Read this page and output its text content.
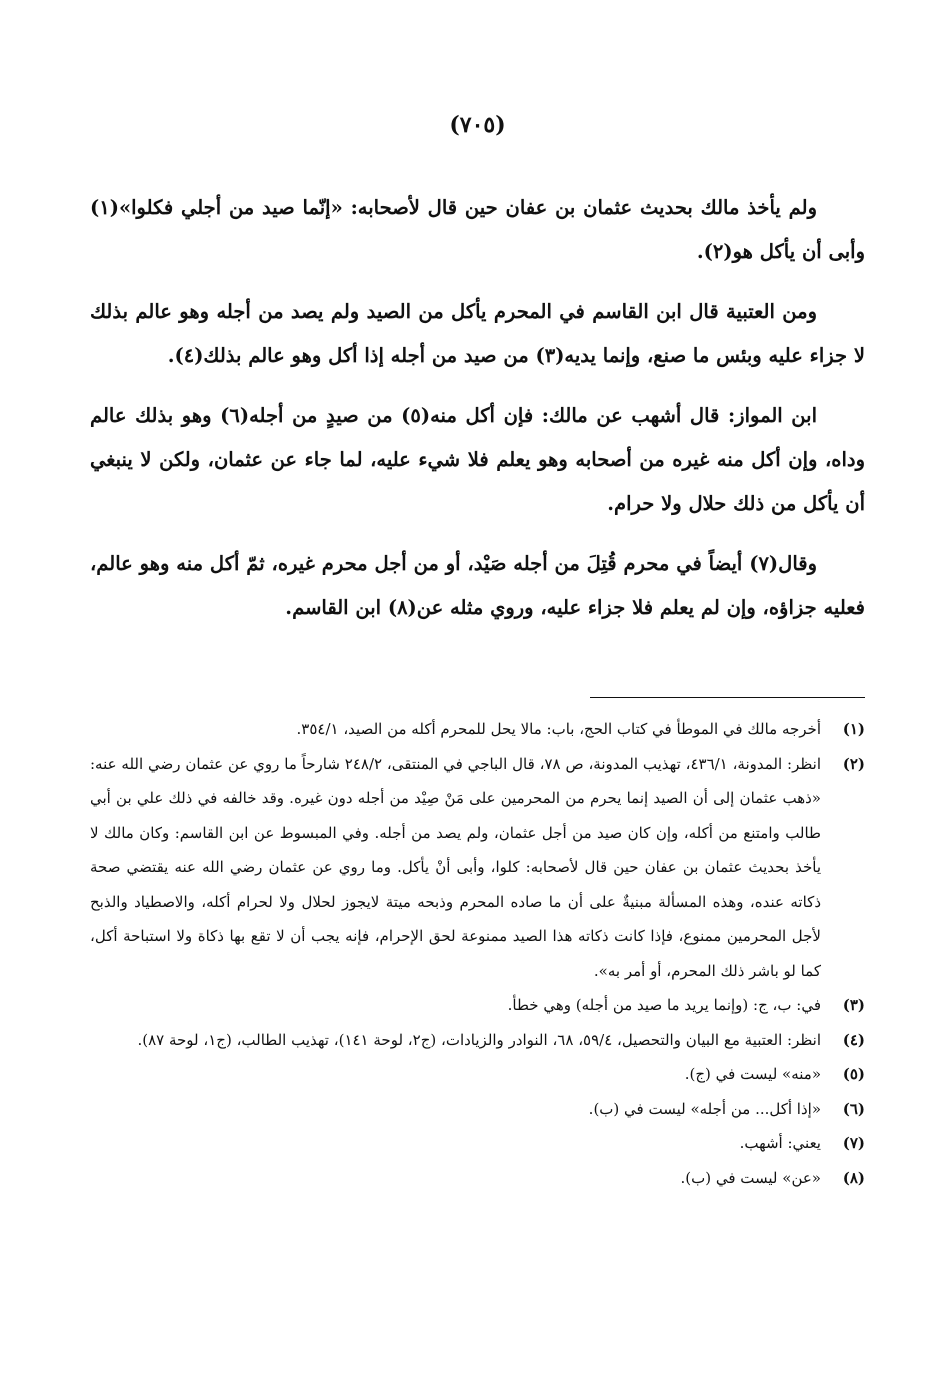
(٧٠٥)

ولم يأخذ مالك بحديث عثمان بن عفان حين قال لأصحابه: «إنّما صيد من أجلي فكلوا»(١) وأبى أن يأكل هو(٢).

ومن العتبية قال ابن القاسم في المحرم يأكل من الصيد ولم يصد من أجله وهو عالم بذلك لا جزاء عليه وبئس ما صنع، وإنما يديه(٣) من صيد من أجله إذا أكل وهو عالم بذلك(٤).

ابن المواز: قال أشهب عن مالك: فإن أكل منه(٥) من صيدٍ من أجله(٦) وهو بذلك عالم وداه، وإن أكل منه غيره من أصحابه وهو يعلم فلا شيء عليه، لما جاء عن عثمان، ولكن لا ينبغي أن يأكل من ذلك حلال ولا حرام.

وقال(٧) أيضاً في محرم قُتِلَ من أجله صَيْد، أو من أجل محرم غيره، ثمّ أكل منه وهو عالم، فعليه جزاؤه، وإن لم يعلم فلا جزاء عليه، وروي مثله عن(٨) ابن القاسم.

(١)
أخرجه مالك في الموطأ في كتاب الحج، باب: مالا يحل للمحرم أكله من الصيد، ٣٥٤/١.
(٢)
انظر: المدونة، ٤٣٦/١، تهذيب المدونة، ص ٧٨، قال الباجي في المنتقى، ٢٤٨/٢ شارحاً ما روي عن عثمان رضي الله عنه: «ذهب عثمان إلى أن الصيد إنما يحرم من المحرمين على مَنْ صِيْد من أجله دون غيره. وقد خالفه في ذلك علي بن أبي طالب وامتنع من أكله، وإن كان صيد من أجل عثمان، ولم يصد من أجله. وفي المبسوط عن ابن القاسم: وكان مالك لا يأخذ بحديث عثمان بن عفان حين قال لأصحابه: كلوا، وأبى أنْ يأكل. وما روي عن عثمان رضي الله عنه يقتضي صحة ذكاته عنده، وهذه المسألة مبنيةٌ على أن ما صاده المحرم وذبحه ميتة لايجوز لحلال ولا لحرام أكله، والاصطياد والذبح لأجل المحرمين ممنوع، فإذا كانت ذكاته هذا الصيد ممنوعة لحق الإحرام، فإنه يجب أن لا تقع بها ذكاة ولا استباحة أكل، كما لو باشر ذلك المحرم، أو أمر به».
(٣)
في: ب، ج: (وإنما يريد ما صيد من أجله) وهي خطأ.
(٤)
انظر: العتبية مع البيان والتحصيل، ٥٩/٤، ٦٨، النوادر والزيادات، (ج٢، لوحة ١٤١)، تهذيب الطالب، (ج١، لوحة ٨٧).
(٥)
«منه» ليست في (ج).
(٦)
«إذا أكل... من أجله» ليست في (ب).
(٧)
يعني: أشهب.
(٨)
«عن» ليست في (ب).
